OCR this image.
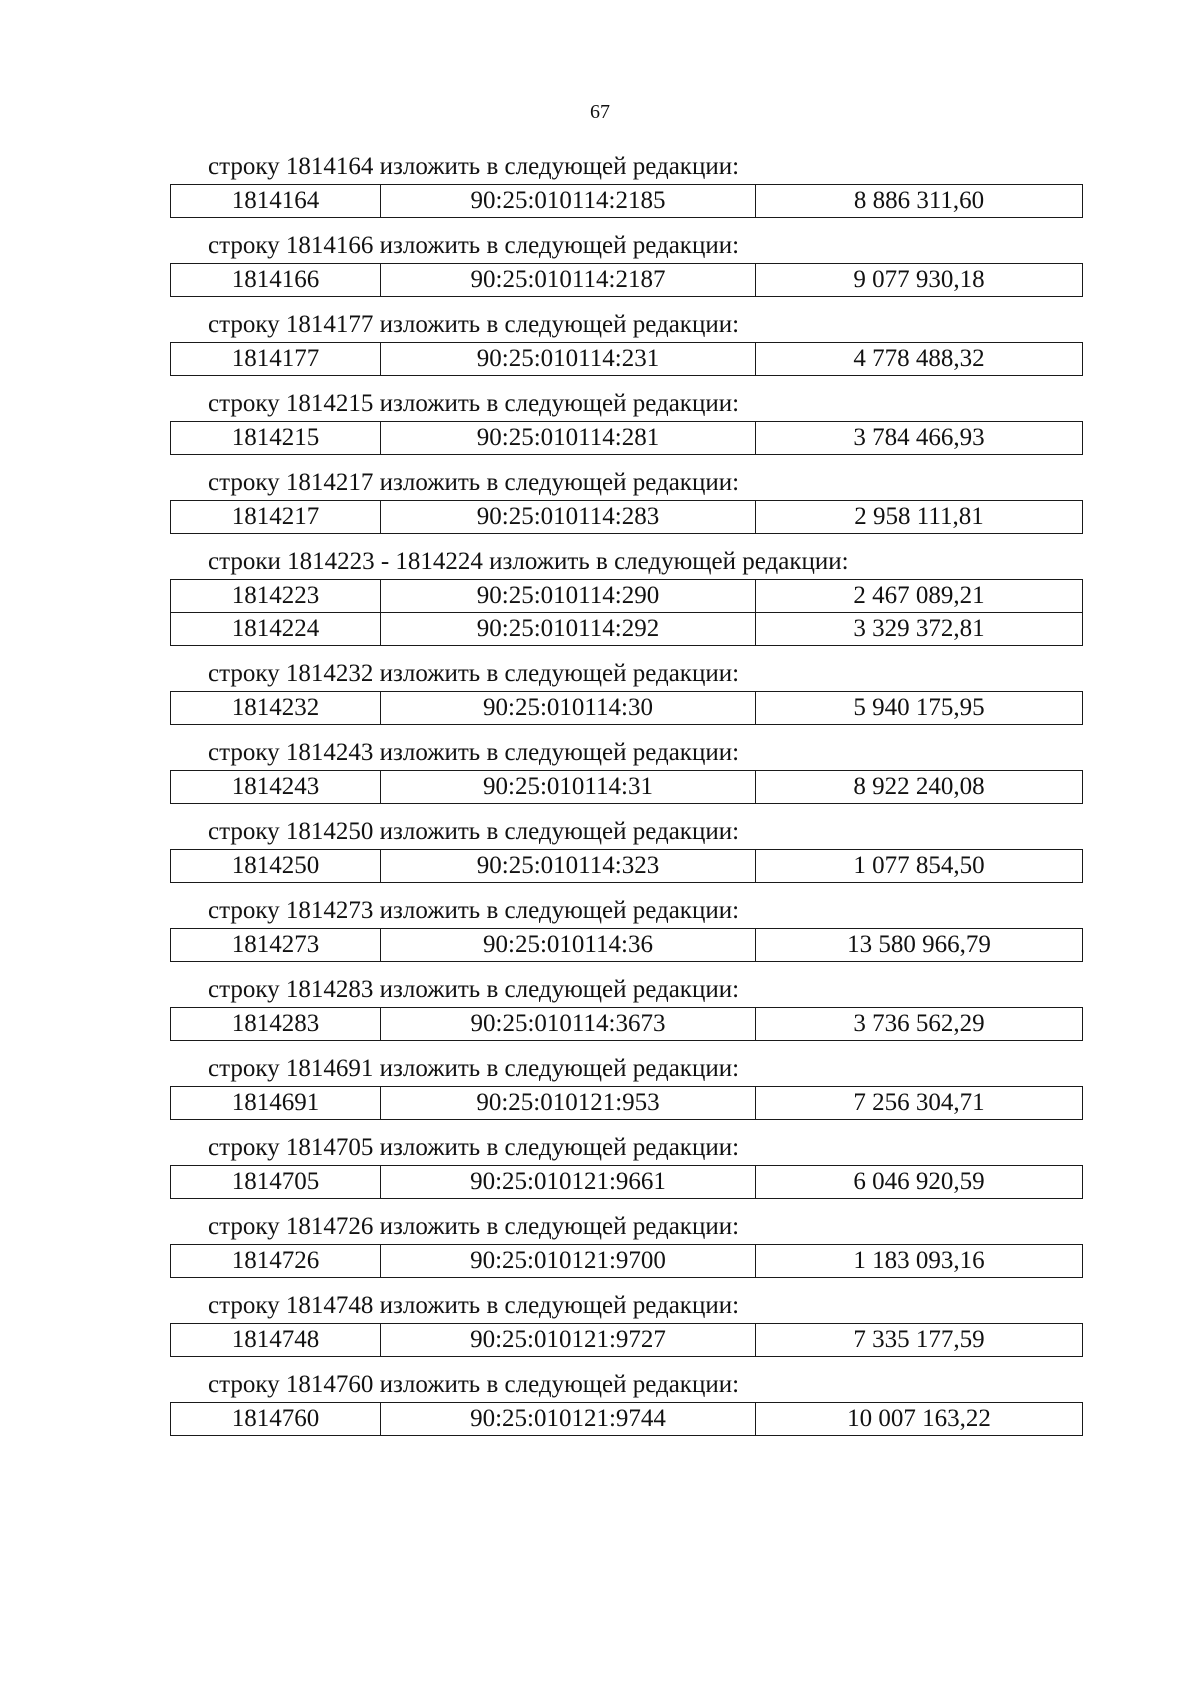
67
строку 1814164 изложить в следующей редакции:
1814164	90:25:010114:2185	8 886 311,60
строку 1814166 изложить в следующей редакции:
1814166	90:25:010114:2187	9 077 930,18
строку 1814177 изложить в следующей редакции:
1814177	90:25:010114:231	4 778 488,32
строку 1814215 изложить в следующей редакции:
1814215	90:25:010114:281	3 784 466,93
строку 1814217 изложить в следующей редакции:
1814217	90:25:010114:283	2 958 111,81
строки 1814223 - 1814224 изложить в следующей редакции:
1814223	90:25:010114:290	2 467 089,21
1814224	90:25:010114:292	3 329 372,81
строку 1814232 изложить в следующей редакции:
1814232	90:25:010114:30	5 940 175,95
строку 1814243 изложить в следующей редакции:
1814243	90:25:010114:31	8 922 240,08
строку 1814250 изложить в следующей редакции:
1814250	90:25:010114:323	1 077 854,50
строку 1814273 изложить в следующей редакции:
1814273	90:25:010114:36	13 580 966,79
строку 1814283 изложить в следующей редакции:
1814283	90:25:010114:3673	3 736 562,29
строку 1814691 изложить в следующей редакции:
1814691	90:25:010121:953	7 256 304,71
строку 1814705 изложить в следующей редакции:
1814705	90:25:010121:9661	6 046 920,59
строку 1814726 изложить в следующей редакции:
1814726	90:25:010121:9700	1 183 093,16
строку 1814748 изложить в следующей редакции:
1814748	90:25:010121:9727	7 335 177,59
строку 1814760 изложить в следующей редакции:
1814760	90:25:010121:9744	10 007 163,22
